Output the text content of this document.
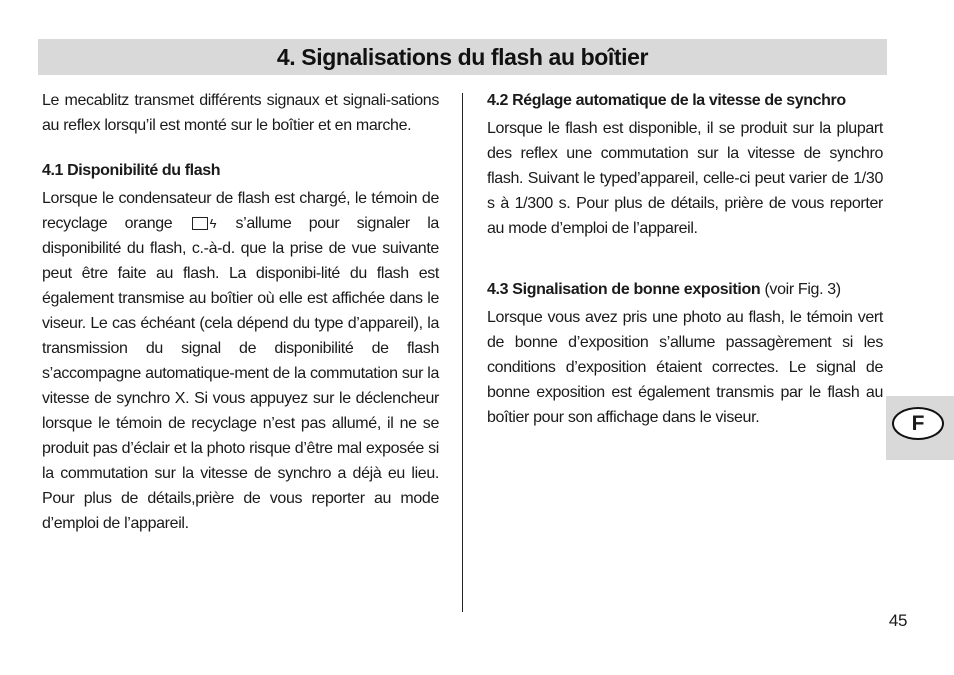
4. Signalisations du flash au boîtier

Le mecablitz transmet différents signaux et signali-sations au reflex lorsqu’il est monté sur le boîtier et en marche.

4.1 Disponibilité du flash

Lorsque le condensateur de flash est chargé, le témoin de recyclage orange	ϟ s’allume pour signaler la disponibilité du flash, c.-à-d. que la prise de vue suivante peut être faite au flash. La disponibi-lité du flash est également transmise au boîtier où elle est affichée dans le viseur. Le cas échéant (cela dépend du type d’appareil), la transmission du signal de disponibilité de flash s’accompagne automatique-ment de la commutation sur la vitesse de synchro X. Si vous appuyez sur le déclencheur lorsque le témoin de recyclage n’est pas allumé, il ne se produit pas d’éclair et la photo risque d’être mal exposée si la commutation sur la vitesse de synchro a déjà eu lieu. Pour plus de détails,prière de vous reporter au mode d’emploi de l’appareil.

4.2 Réglage automatique de la vitesse de synchro

Lorsque le flash est disponible, il se produit sur la plupart des reflex une commutation sur la vitesse de synchro flash. Suivant le typed’appareil, celle-ci peut varier de 1/30 s à 1/300 s. Pour plus de détails, prière de vous reporter au mode d’emploi de l’appareil.

4.3 Signalisation de bonne exposition (voir Fig. 3)

Lorsque vous avez pris une photo au flash, le témoin vert de bonne d’exposition s’allume passagèrement si les conditions d’exposition étaient correctes. Le signal de bonne exposition est également transmis par le flash au boîtier pour son affichage dans le viseur.	F
45
